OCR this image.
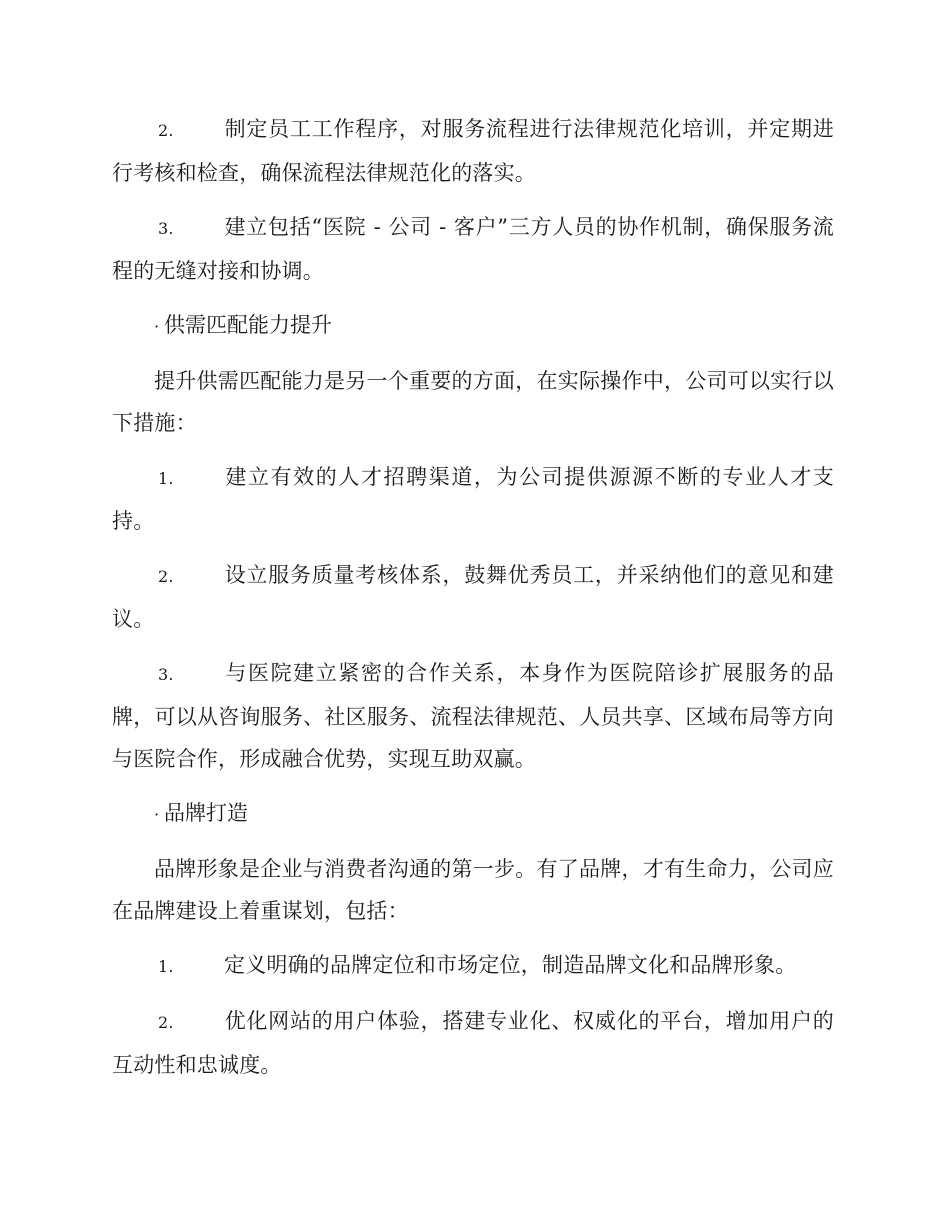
2. 制定员工工作程序，对服务流程进行法律规范化培训，并定期进行考核和检查，确保流程法律规范化的落实。

3. 建立包括“医院 - 公司 - 客户”三方人员的协作机制，确保服务流程的无缝对接和协调。

· 供需匹配能力提升

提升供需匹配能力是另一个重要的方面，在实际操作中，公司可以实行以下措施：

1. 建立有效的人才招聘渠道，为公司提供源源不断的专业人才支持。

2. 设立服务质量考核体系，鼓舞优秀员工，并采纳他们的意见和建议。

3. 与医院建立紧密的合作关系，本身作为医院陪诊扩展服务的品牌，可以从咨询服务、社区服务、流程法律规范、人员共享、区域布局等方向与医院合作，形成融合优势，实现互助双赢。

· 品牌打造

品牌形象是企业与消费者沟通的第一步。有了品牌，才有生命力，公司应在品牌建设上着重谋划，包括：

1. 定义明确的品牌定位和市场定位，制造品牌文化和品牌形象。

2. 优化网站的用户体验，搭建专业化、权威化的平台，增加用户的互动性和忠诚度。
